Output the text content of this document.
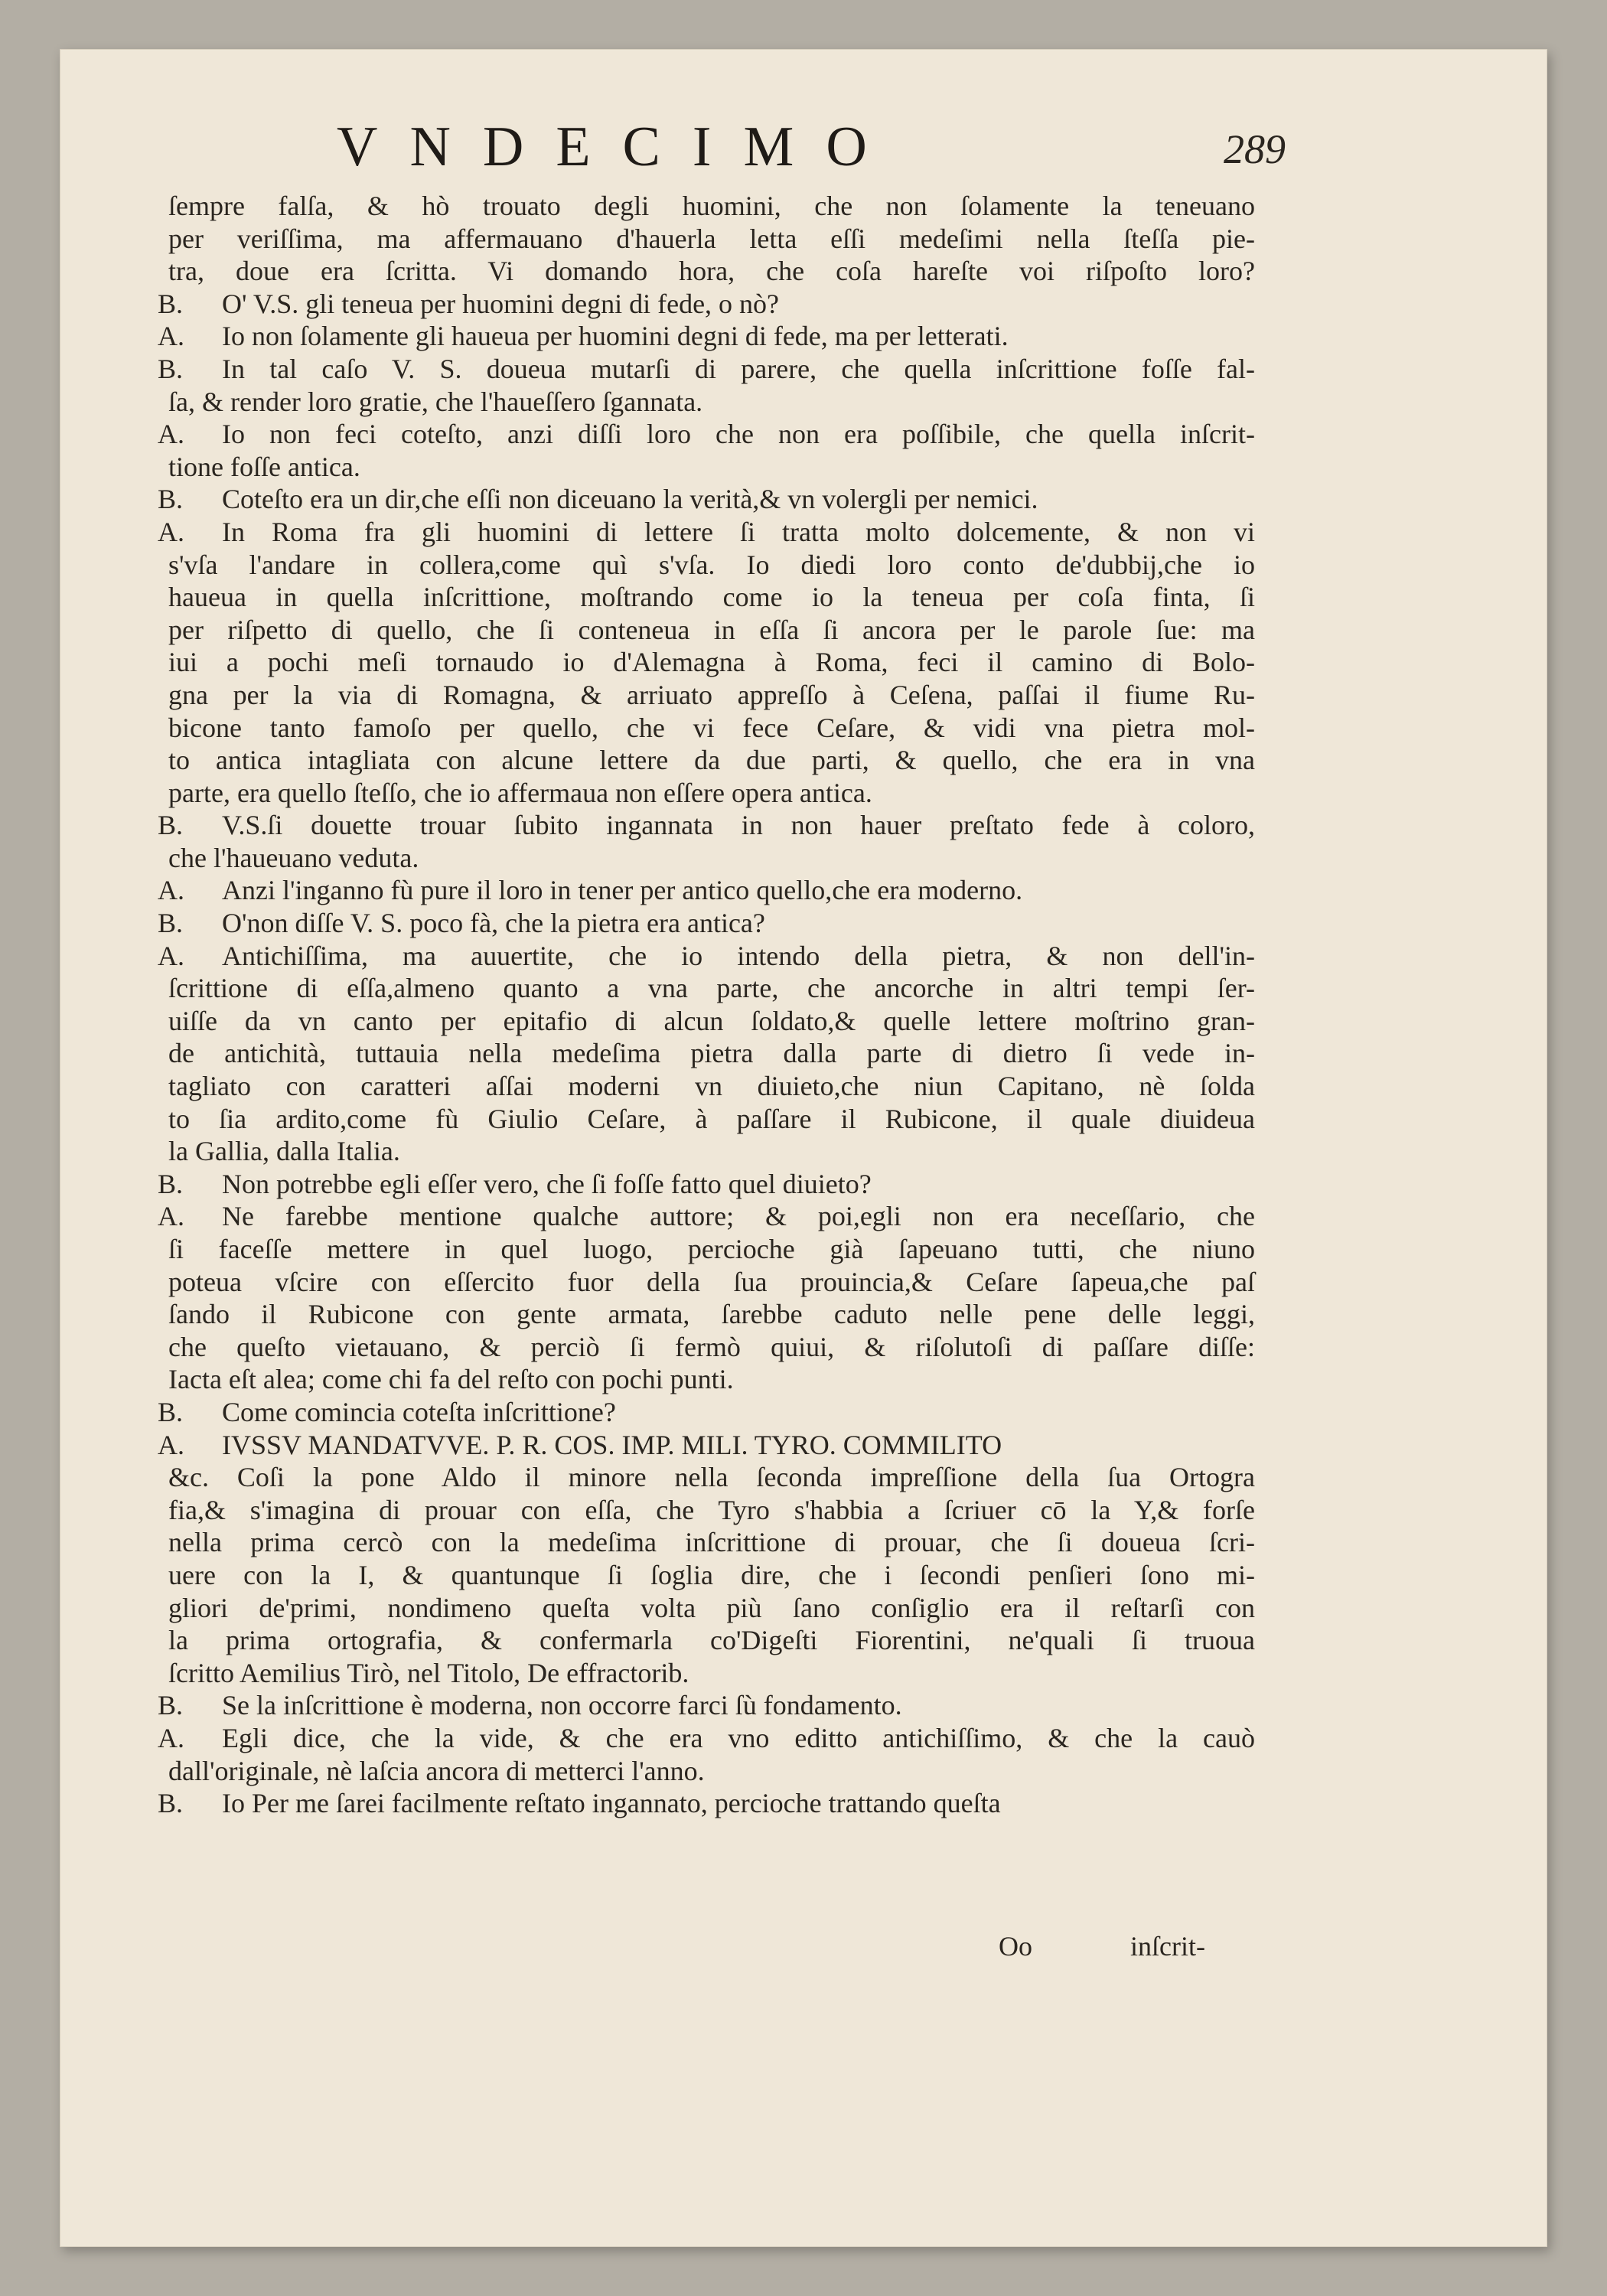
VNDECIMO	289
ſempre falſa, & hò trouato degli huomini, che non ſolamente la teneuano
per veriſſima, ma affermauano d'hauerla letta eſſi medeſimi nella ſteſſa pie-
tra, doue era ſcritta. Vi domando hora, che coſa hareſte voi riſpoſto loro?
B.	O' V.S. gli teneua per huomini degni di fede, o nò?
A.	Io non ſolamente gli haueua per huomini degni di fede, ma per letterati.
B.	In tal caſo V. S. doueua mutarſi di parere, che quella inſcrittione foſſe fal-
ſa, & render loro gratie, che l'haueſſero ſgannata.
A.	Io non feci coteſto, anzi diſſi loro che non era poſſibile, che quella inſcrit-
tione foſſe antica.
B.	Coteſto era un dir,che eſſi non diceuano la verità,& vn volergli per nemici.
A.	In Roma fra gli huomini di lettere ſi tratta molto dolcemente, & non vi
s'vſa l'andare in collera,come quì s'vſa. Io diedi loro conto de'dubbij,che io
haueua in quella inſcrittione, moſtrando come io la teneua per coſa finta, ſi
per riſpetto di quello, che ſi conteneua in eſſa ſi ancora per le parole ſue: ma
iui a pochi meſi tornaudo io d'Alemagna à Roma, feci il camino di Bolo-
gna per la via di Romagna, & arriuato appreſſo à Ceſena, paſſai il fiume Ru-
bicone tanto famoſo per quello, che vi fece Ceſare, & vidi vna pietra mol-
to antica intagliata con alcune lettere da due parti, & quello, che era in vna
parte, era quello ſteſſo, che io affermaua non eſſere opera antica.
B.	V.S.ſi douette trouar ſubito ingannata in non hauer preſtato fede à coloro,
che l'haueuano veduta.
A.	Anzi l'inganno fù pure il loro in tener per antico quello,che era moderno.
B.	O'non diſſe V. S. poco fà, che la pietra era antica?
A.	Antichiſſima, ma auuertite, che io intendo della pietra, & non dell'in-
ſcrittione di eſſa,almeno quanto a vna parte, che ancorche in altri tempi ſer-
uiſſe da vn canto per epitafio di alcun ſoldato,& quelle lettere moſtrino gran-
de antichità, tuttauia nella medeſima pietra dalla parte di dietro ſi vede in-
tagliato con caratteri aſſai moderni vn diuieto,che niun Capitano, nè ſolda
to ſia ardito,come fù Giulio Ceſare, à paſſare il Rubicone, il quale diuideua
la Gallia, dalla Italia.
B.	Non potrebbe egli eſſer vero, che ſi foſſe fatto quel diuieto?
A.	Ne farebbe mentione qualche auttore; & poi,egli non era neceſſario, che
ſi faceſſe mettere in quel luogo, percioche già ſapeuano tutti, che niuno
poteua vſcire con eſſercito fuor della ſua prouincia,& Ceſare ſapeua,che paſ
ſando il Rubicone con gente armata, ſarebbe caduto nelle pene delle leggi,
che queſto vietauano, & perciò ſi fermò quiui, & riſolutoſi di paſſare diſſe:
Iacta eſt alea; come chi fa del reſto con pochi punti.
B.	Come comincia coteſta inſcrittione?
A.	IVSSV MANDATVVE. P. R. COS. IMP. MILI. TYRO. COMMILITO
&c. Coſi la pone Aldo il minore nella ſeconda impreſſione della ſua Ortogra
fia,& s'imagina di prouar con eſſa, che Tyro s'habbia a ſcriuer cō la Y,& forſe
nella prima cercò con la medeſima inſcrittione di prouar, che ſi doueua ſcri-
uere con la I, & quantunque ſi ſoglia dire, che i ſecondi penſieri ſono mi-
gliori de'primi, nondimeno queſta volta più ſano conſiglio era il reſtarſi con
la prima ortografia, & confermarla co'Digeſti Fiorentini, ne'quali ſi truoua
ſcritto Aemilius Tirò, nel Titolo, De effractorib.
B.	Se la inſcrittione è moderna, non occorre farci ſù fondamento.
A.	Egli dice, che la vide, & che era vno editto antichiſſimo, & che la cauò
dall'originale, nè laſcia ancora di metterci l'anno.
B.	Io Per me ſarei facilmente reſtato ingannato, percioche trattando queſta
Oo	inſcrit-
